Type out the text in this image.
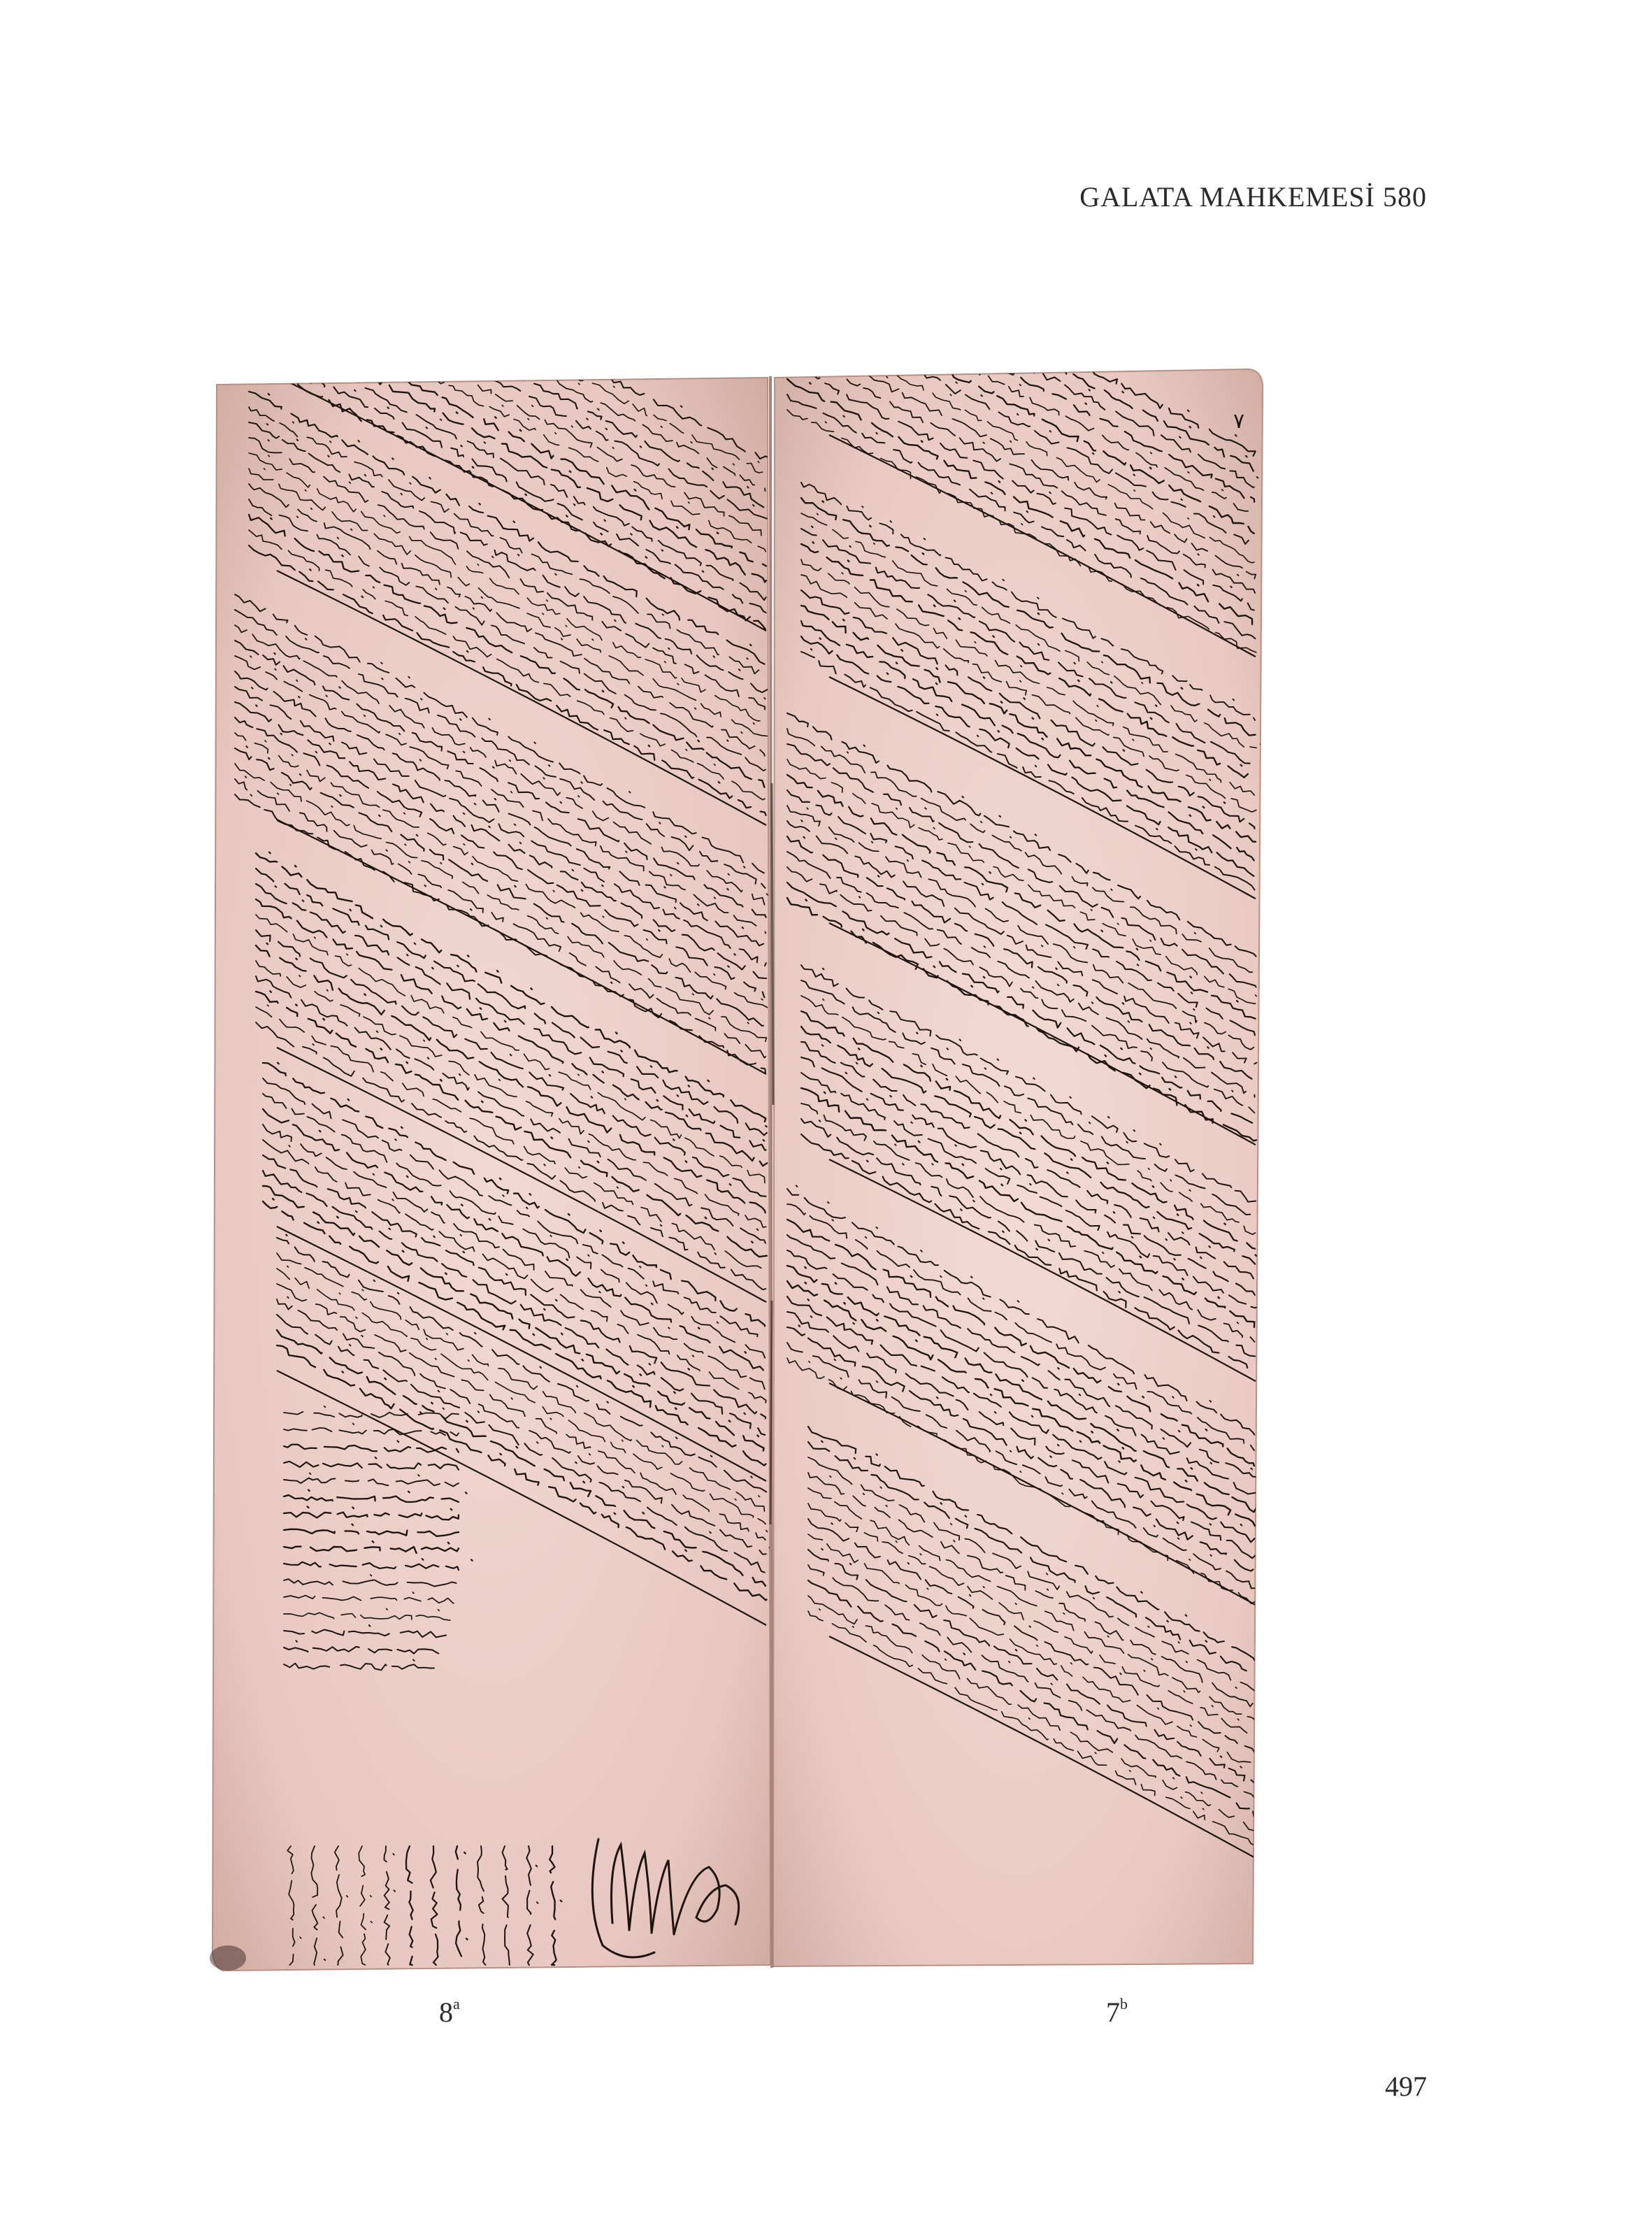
GALATA MAHKEMESİ 580
٧
8$^a$	7$^b$
497
